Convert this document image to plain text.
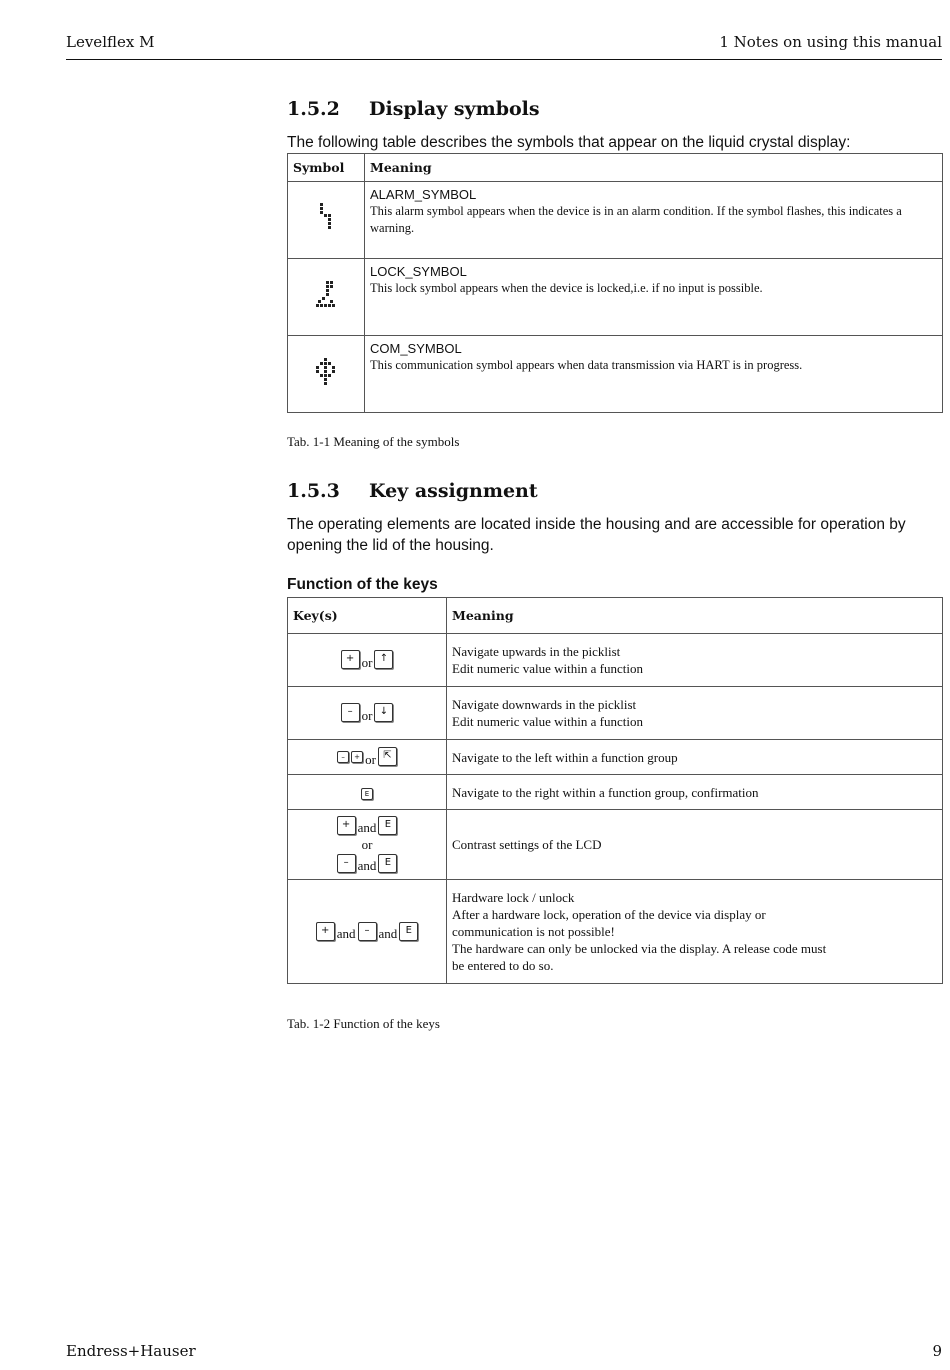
Levelflex M	1 Notes on using this manual
1.5.2 Display symbols
The following table describes the symbols that appear on the liquid crystal display:
Symbol	Meaning

ALARM_SYMBOL
This alarm symbol appears when the device is in an alarm condition. If the symbol flashes, this indicates a warning.

LOCK_SYMBOL
This lock symbol appears when the device is locked,i.e. if no input is possible.

COM_SYMBOL
This communication symbol appears when data transmission via HART is in progress.
Tab. 1-1 Meaning of the symbols
1.5.3 Key assignment
The operating elements are located inside the housing and are accessible for operation by opening the lid of the housing.
Function of the keys
Key(s)	Meaning
+ or ↑	Navigate upwards in the picklist
Edit numeric value within a function

– or ↓	Navigate downwards in the picklist
Edit numeric value within a function

– + or ⇱	Navigate to the left within a function group

E	Navigate to the right within a function group, confirmation

+ and E
or
– and E	Contrast settings of the LCD

+ and – and E	Hardware lock / unlock
After a hardware lock, operation of the device via display or
communication is not possible!
The hardware can only be unlocked via the display. A release code must
be entered to do so.
Tab. 1-2 Function of the keys
Endress+Hauser	9
